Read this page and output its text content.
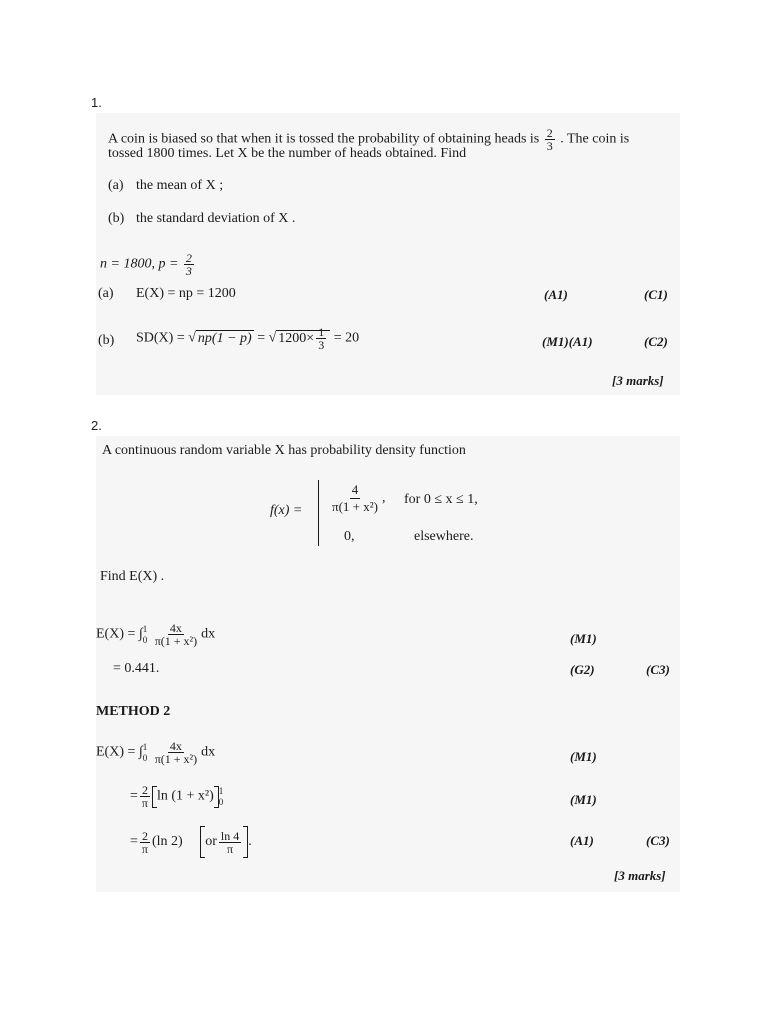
1.
A coin is biased so that when it is tossed the probability of obtaining heads is $\frac{2}{3}$ . The coin is
tossed 1800 times. Let X be the number of heads obtained. Find
(a) the mean of X ;
(b) the standard deviation of X .
n = 1800, $p = \frac{2}{3}$
(a) E(X) = np = 1200	(A1)	(C1)
(b) SD(X) = √ np(1 − p) = √ $1200\times \frac{1}{3} = 20$	(M1)(A1)	(C2)
[3 marks]
2.
A continuous random variable X has probability density function
$f(x) = \frac{4}{\text{π(1 + x²)}}$ , for 0 ≤ x ≤ 1,
0,	elsewhere.
Find E(X) .
E(X) = ∫ 1
0
$\frac{4x}{\text{π(1 + x²)}}$ dx	(M1)
= 0.441.	(G2)	(C3)
METHOD 2
E(X) = ∫ 1
0
$\frac{4x}{\text{π(1 + x²)}}$ dx	(M1)
= $\frac{2}{\pi}$ ln (1 + x²) 1
0	(M1)
= $\frac{2}{\pi} (\ln$ 2) or $\frac{\ln 4}{\pi}$ .	(A1)	(C3)
[3 marks]
